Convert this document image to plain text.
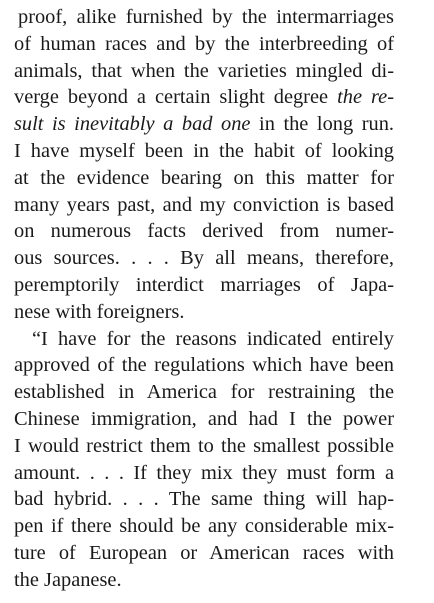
proof, alike furnished by the intermarriages
of human races and by the interbreeding of
animals, that when the varieties mingled di-
verge beyond a certain slight degree the re-
sult is inevitably a bad one in the long run.
I have myself been in the habit of looking
at the evidence bearing on this matter for
many years past, and my conviction is based
on numerous facts derived from numer-
ous sources. . . . By all means, therefore,
peremptorily interdict marriages of Japa-
nese with foreigners.
“I have for the reasons indicated entirely
approved of the regulations which have been
established in America for restraining the
Chinese immigration, and had I the power
I would restrict them to the smallest possible
amount. . . . If they mix they must form a
bad hybrid. . . . The same thing will hap-
pen if there should be any considerable mix-
ture of European or American races with
the Japanese.
